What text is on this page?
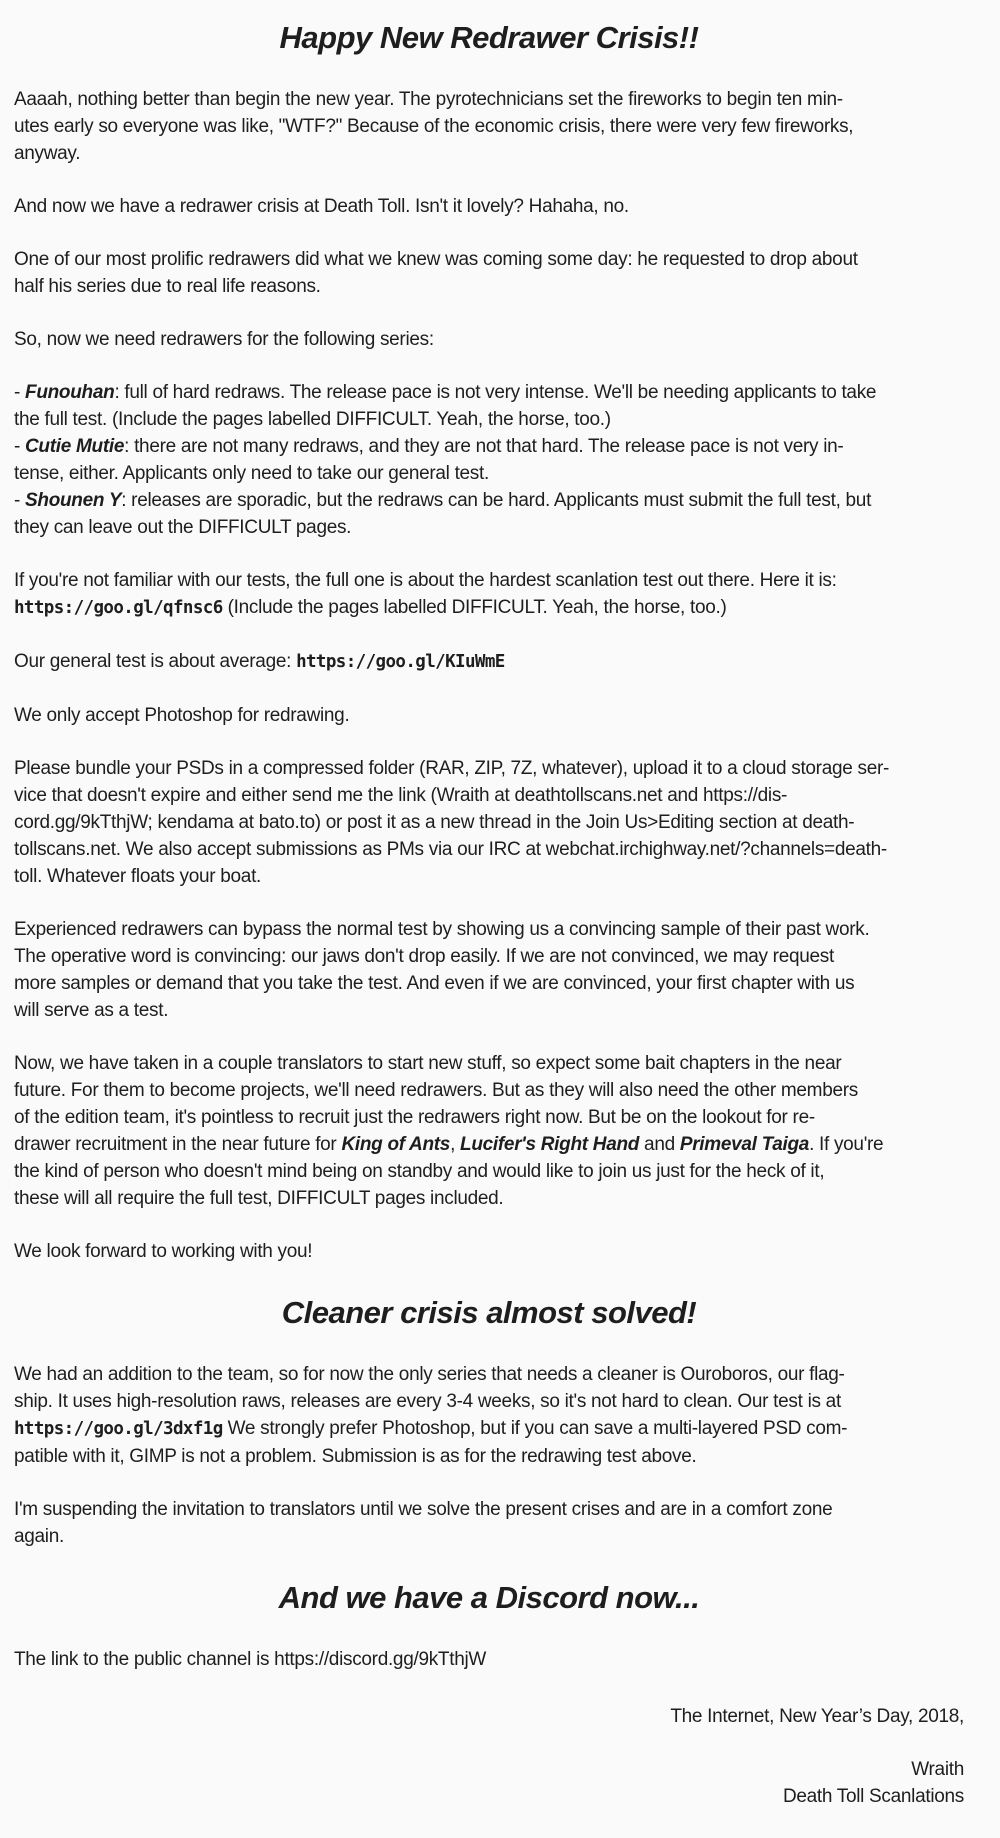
Happy New Redrawer Crisis!!
Aaaah, nothing better than begin the new year. The pyrotechnicians set the fireworks to begin ten min-
utes early so everyone was like, "WTF?" Because of the economic crisis, there were very few fireworks,
anyway.
And now we have a redrawer crisis at Death Toll. Isn't it lovely? Hahaha, no.
One of our most prolific redrawers did what we knew was coming some day: he requested to drop about
half his series due to real life reasons.
So, now we need redrawers for the following series:
- Funouhan: full of hard redraws. The release pace is not very intense. We'll be needing applicants to take
the full test. (Include the pages labelled DIFFICULT. Yeah, the horse, too.)
- Cutie Mutie: there are not many redraws, and they are not that hard. The release pace is not very in-
tense, either. Applicants only need to take our general test.
- Shounen Y: releases are sporadic, but the redraws can be hard. Applicants must submit the full test, but
they can leave out the DIFFICULT pages.
If you're not familiar with our tests, the full one is about the hardest scanlation test out there. Here it is:
https://goo.gl/qfnsc6 (Include the pages labelled DIFFICULT. Yeah, the horse, too.)
Our general test is about average: https://goo.gl/KIuWmE
We only accept Photoshop for redrawing.
Please bundle your PSDs in a compressed folder (RAR, ZIP, 7Z, whatever), upload it to a cloud storage ser-
vice that doesn't expire and either send me the link (Wraith at deathtollscans.net and https://dis-
cord.gg/9kTthjW; kendama at bato.to) or post it as a new thread in the Join Us>Editing section at death-
tollscans.net. We also accept submissions as PMs via our IRC at webchat.irchighway.net/?channels=death-
toll. Whatever floats your boat.
Experienced redrawers can bypass the normal test by showing us a convincing sample of their past work.
The operative word is convincing: our jaws don't drop easily. If we are not convinced, we may request
more samples or demand that you take the test. And even if we are convinced, your first chapter with us
will serve as a test.
Now, we have taken in a couple translators to start new stuff, so expect some bait chapters in the near
future. For them to become projects, we'll need redrawers. But as they will also need the other members
of the edition team, it's pointless to recruit just the redrawers right now. But be on the lookout for re-
drawer recruitment in the near future for King of Ants, Lucifer's Right Hand and Primeval Taiga. If you're
the kind of person who doesn't mind being on standby and would like to join us just for the heck of it,
these will all require the full test, DIFFICULT pages included.
We look forward to working with you!
Cleaner crisis almost solved!
We had an addition to the team, so for now the only series that needs a cleaner is Ouroboros, our flag-
ship. It uses high-resolution raws, releases are every 3-4 weeks, so it's not hard to clean. Our test is at
https://goo.gl/3dxf1g We strongly prefer Photoshop, but if you can save a multi-layered PSD com-
patible with it, GIMP is not a problem. Submission is as for the redrawing test above.
I'm suspending the invitation to translators until we solve the present crises and are in a comfort zone
again.
And we have a Discord now...
The link to the public channel is https://discord.gg/9kTthjW
The Internet, New Year’s Day, 2018,
Wraith
Death Toll Scanlations
